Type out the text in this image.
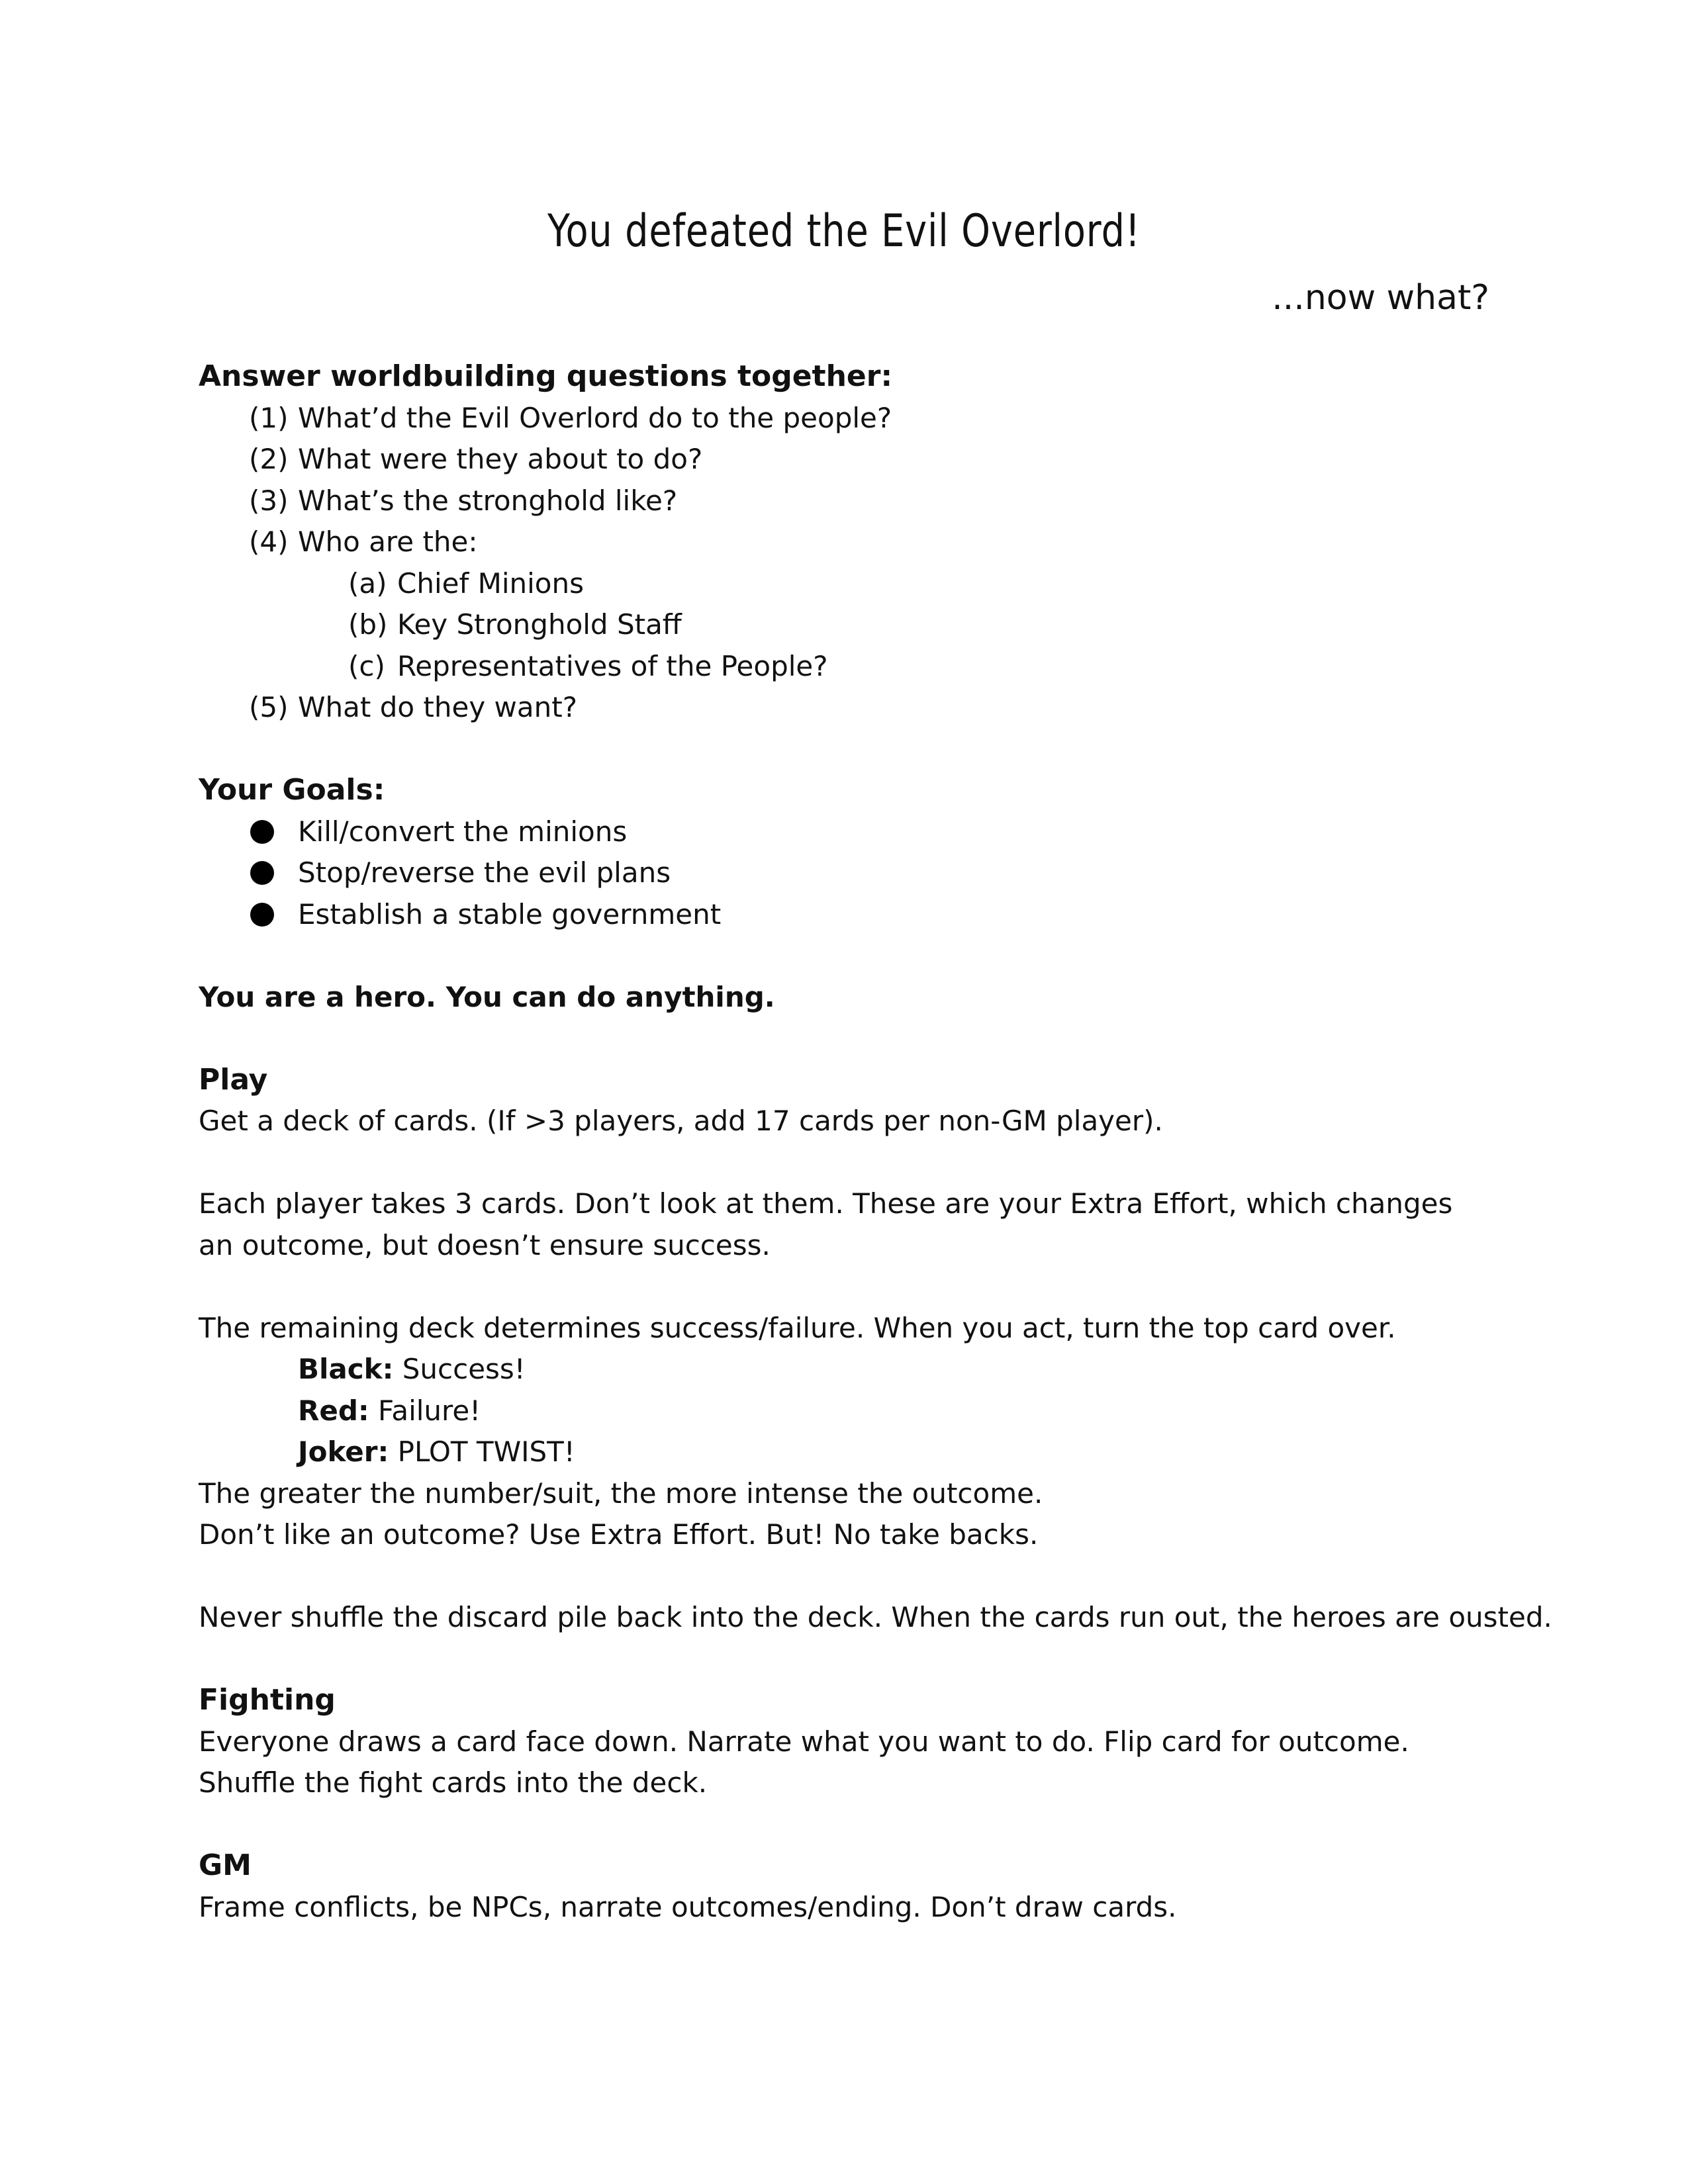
You defeated the Evil Overlord!
...now what?
Answer worldbuilding questions together:
(1) What’d the Evil Overlord do to the people?
(2) What were they about to do?
(3) What’s the stronghold like?
(4) Who are the:
(a) Chief Minions
(b) Key Stronghold Staff
(c) Representatives of the People?
(5) What do they want?
Your Goals:
Kill/convert the minions
Stop/reverse the evil plans
Establish a stable government

You are a hero. You can do anything.

Play

Get a deck of cards. (If >3 players, add 17 cards per non-GM player).

Each player takes 3 cards. Don’t look at them. These are your Extra Effort, which changes an outcome, but doesn’t ensure success.

The remaining deck determines success/failure. When you act, turn the top card over.

Black: Success!

Red: Failure!

Joker: PLOT TWIST!

The greater the number/suit, the more intense the outcome.

Don’t like an outcome? Use Extra Effort. But! No take backs.

Never shuffle the discard pile back into the deck. When the cards run out, the heroes are ousted.

Fighting

Everyone draws a card face down. Narrate what you want to do. Flip card for outcome.

Shuffle the fight cards into the deck.

GM

Frame conflicts, be NPCs, narrate outcomes/ending. Don’t draw cards.
